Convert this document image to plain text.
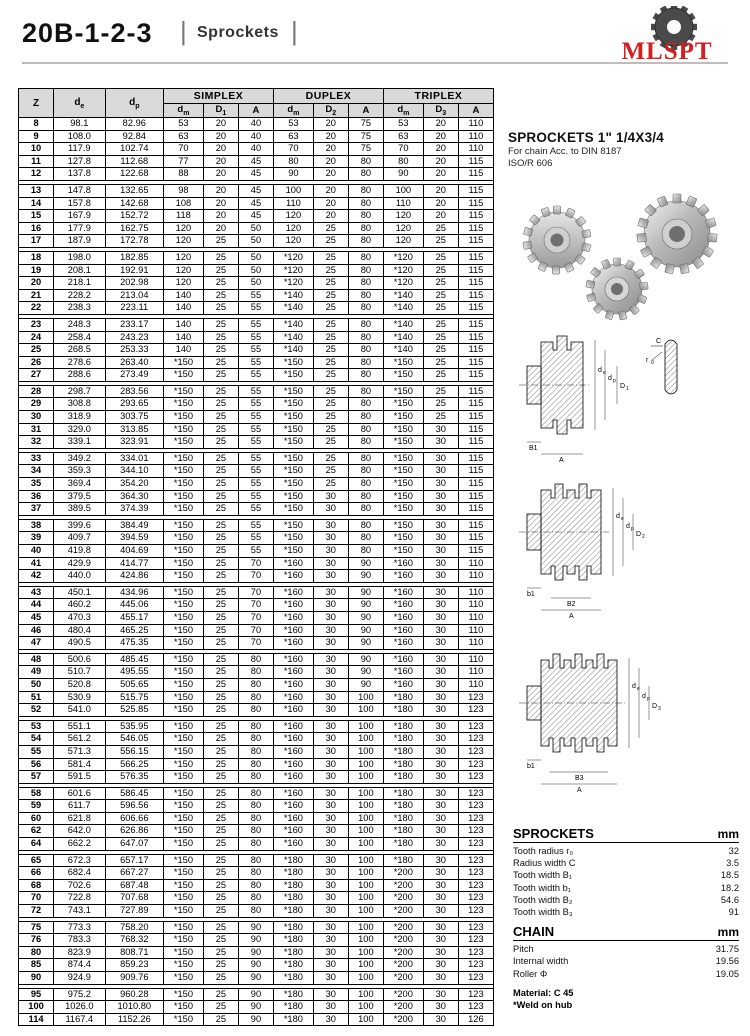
20B-1-2-3 | Sprockets |
MLSPT
Z	$d_e$	$d_p$	SIMPLEX			DUPLEX			TRIPLEX		
			$d_m$	$D_1$	A	$d_m$	$D_2$	A	$d_m$	$D_3$	A
8	98.1	82.96	53	20	40	53	20	75	53	20	110
9	108.0	92.84	63	20	40	63	20	75	63	20	110
10	117.9	102.74	70	20	40	70	20	75	70	20	110
11	127.8	112.68	77	20	45	80	20	80	80	20	115
12	137.8	122.68	88	20	45	90	20	80	90	20	115

13	147.8	132.65	98	20	45	100	20	80	100	20	115
14	157.8	142.68	108	20	45	110	20	80	110	20	115
15	167.9	152.72	118	20	45	120	20	80	120	20	115
16	177.9	162.75	120	20	50	120	25	80	120	25	115
17	187.9	172.78	120	25	50	120	25	80	120	25	115

18	198.0	182.85	120	25	50	*120	25	80	*120	25	115
19	208.1	192.91	120	25	50	*120	25	80	*120	25	115
20	218.1	202.98	120	25	50	*120	25	80	*120	25	115
21	228.2	213.04	140	25	55	*140	25	80	*140	25	115
22	238.3	223.11	140	25	55	*140	25	80	*140	25	115

23	248.3	233.17	140	25	55	*140	25	80	*140	25	115
24	258.4	243.23	140	25	55	*140	25	80	*140	25	115
25	268.5	253.33	140	25	55	*140	25	80	*140	25	115
26	278.6	263.40	*150	25	55	*150	25	80	*150	25	115
27	288.6	273.49	*150	25	55	*150	25	80	*150	25	115

28	298.7	283.56	*150	25	55	*150	25	80	*150	25	115
29	308.8	293.65	*150	25	55	*150	25	80	*150	25	115
30	318.9	303.75	*150	25	55	*150	25	80	*150	25	115
31	329.0	313.85	*150	25	55	*150	25	80	*150	30	115
32	339.1	323.91	*150	25	55	*150	25	80	*150	30	115

33	349.2	334.01	*150	25	55	*150	25	80	*150	30	115
34	359.3	344.10	*150	25	55	*150	25	80	*150	30	115
35	369.4	354.20	*150	25	55	*150	25	80	*150	30	115
36	379.5	364.30	*150	25	55	*150	30	80	*150	30	115
37	389.5	374.39	*150	25	55	*150	30	80	*150	30	115

38	399.6	384.49	*150	25	55	*150	30	80	*150	30	115
39	409.7	394.59	*150	25	55	*150	30	80	*150	30	115
40	419.8	404.69	*150	25	55	*150	30	80	*150	30	115
41	429.9	414.77	*150	25	70	*160	30	90	*160	30	110
42	440.0	424.86	*150	25	70	*160	30	90	*160	30	110

43	450.1	434.96	*150	25	70	*160	30	90	*160	30	110
44	460.2	445.06	*150	25	70	*160	30	90	*160	30	110
45	470.3	455.17	*150	25	70	*160	30	90	*160	30	110
46	480.4	465.25	*150	25	70	*160	30	90	*160	30	110
47	490.5	475.35	*150	25	70	*160	30	90	*160	30	110

48	500.6	485.45	*150	25	80	*160	30	90	*160	30	110
49	510.7	495.55	*150	25	80	*160	30	90	*160	30	110
50	520.8	505.65	*150	25	80	*160	30	90	*160	30	110
51	530.9	515.75	*150	25	80	*160	30	100	*180	30	123
52	541.0	525.85	*150	25	80	*160	30	100	*180	30	123

53	551.1	535.95	*150	25	80	*160	30	100	*180	30	123
54	561.2	546.05	*150	25	80	*160	30	100	*180	30	123
55	571.3	556.15	*150	25	80	*160	30	100	*180	30	123
56	581.4	566.25	*150	25	80	*160	30	100	*180	30	123
57	591.5	576.35	*150	25	80	*160	30	100	*180	30	123

58	601.6	586.45	*150	25	80	*160	30	100	*180	30	123
59	611.7	596.56	*150	25	80	*160	30	100	*180	30	123
60	621.8	606.66	*150	25	80	*160	30	100	*180	30	123
62	642.0	626.86	*150	25	80	*160	30	100	*180	30	123
64	662.2	647.07	*150	25	80	*160	30	100	*180	30	123

65	672.3	657.17	*150	25	80	*180	30	100	*180	30	123
66	682.4	667.27	*150	25	80	*180	30	100	*200	30	123
68	702.6	687.48	*150	25	80	*180	30	100	*200	30	123
70	722.8	707.68	*150	25	80	*180	30	100	*200	30	123
72	743.1	727.89	*150	25	80	*180	30	100	*200	30	123

75	773.3	758.20	*150	25	90	*180	30	100	*200	30	123
76	783.3	768.32	*150	25	90	*180	30	100	*200	30	123
80	823.9	808.71	*150	25	90	*180	30	100	*200	30	123
85	874.4	859.23	*150	25	90	*180	30	100	*200	30	123
90	924.9	909.76	*150	25	90	*180	30	100	*200	30	123

95	975.2	960.28	*150	25	90	*180	30	100	*200	30	123
100	1026.0	1010.80	*150	25	90	*180	30	100	*200	30	123
114	1167.4	1152.26	*150	25	90	*180	30	100	*200	30	126
SPROCKETS 1" 1/4X3/4
For chain Acc. to DIN 8187
ISO/R 606
C
r 0
d e
d p
D 1
B1
A
d e
d p
D 2
b1
B2
A
d e
d p
D 3
b1
B3
A
SPROCKETS	mm
Tooth radius r₀	32
Radius width C	3.5
Tooth width B₁	18.5
Tooth width b₁	18.2
Tooth width B₂	54.6
Tooth width B₃	91
CHAIN	mm
Pitch	31.75
Internal width	19.56
Roller Φ	19.05
Material: C 45
*Weld on hub
